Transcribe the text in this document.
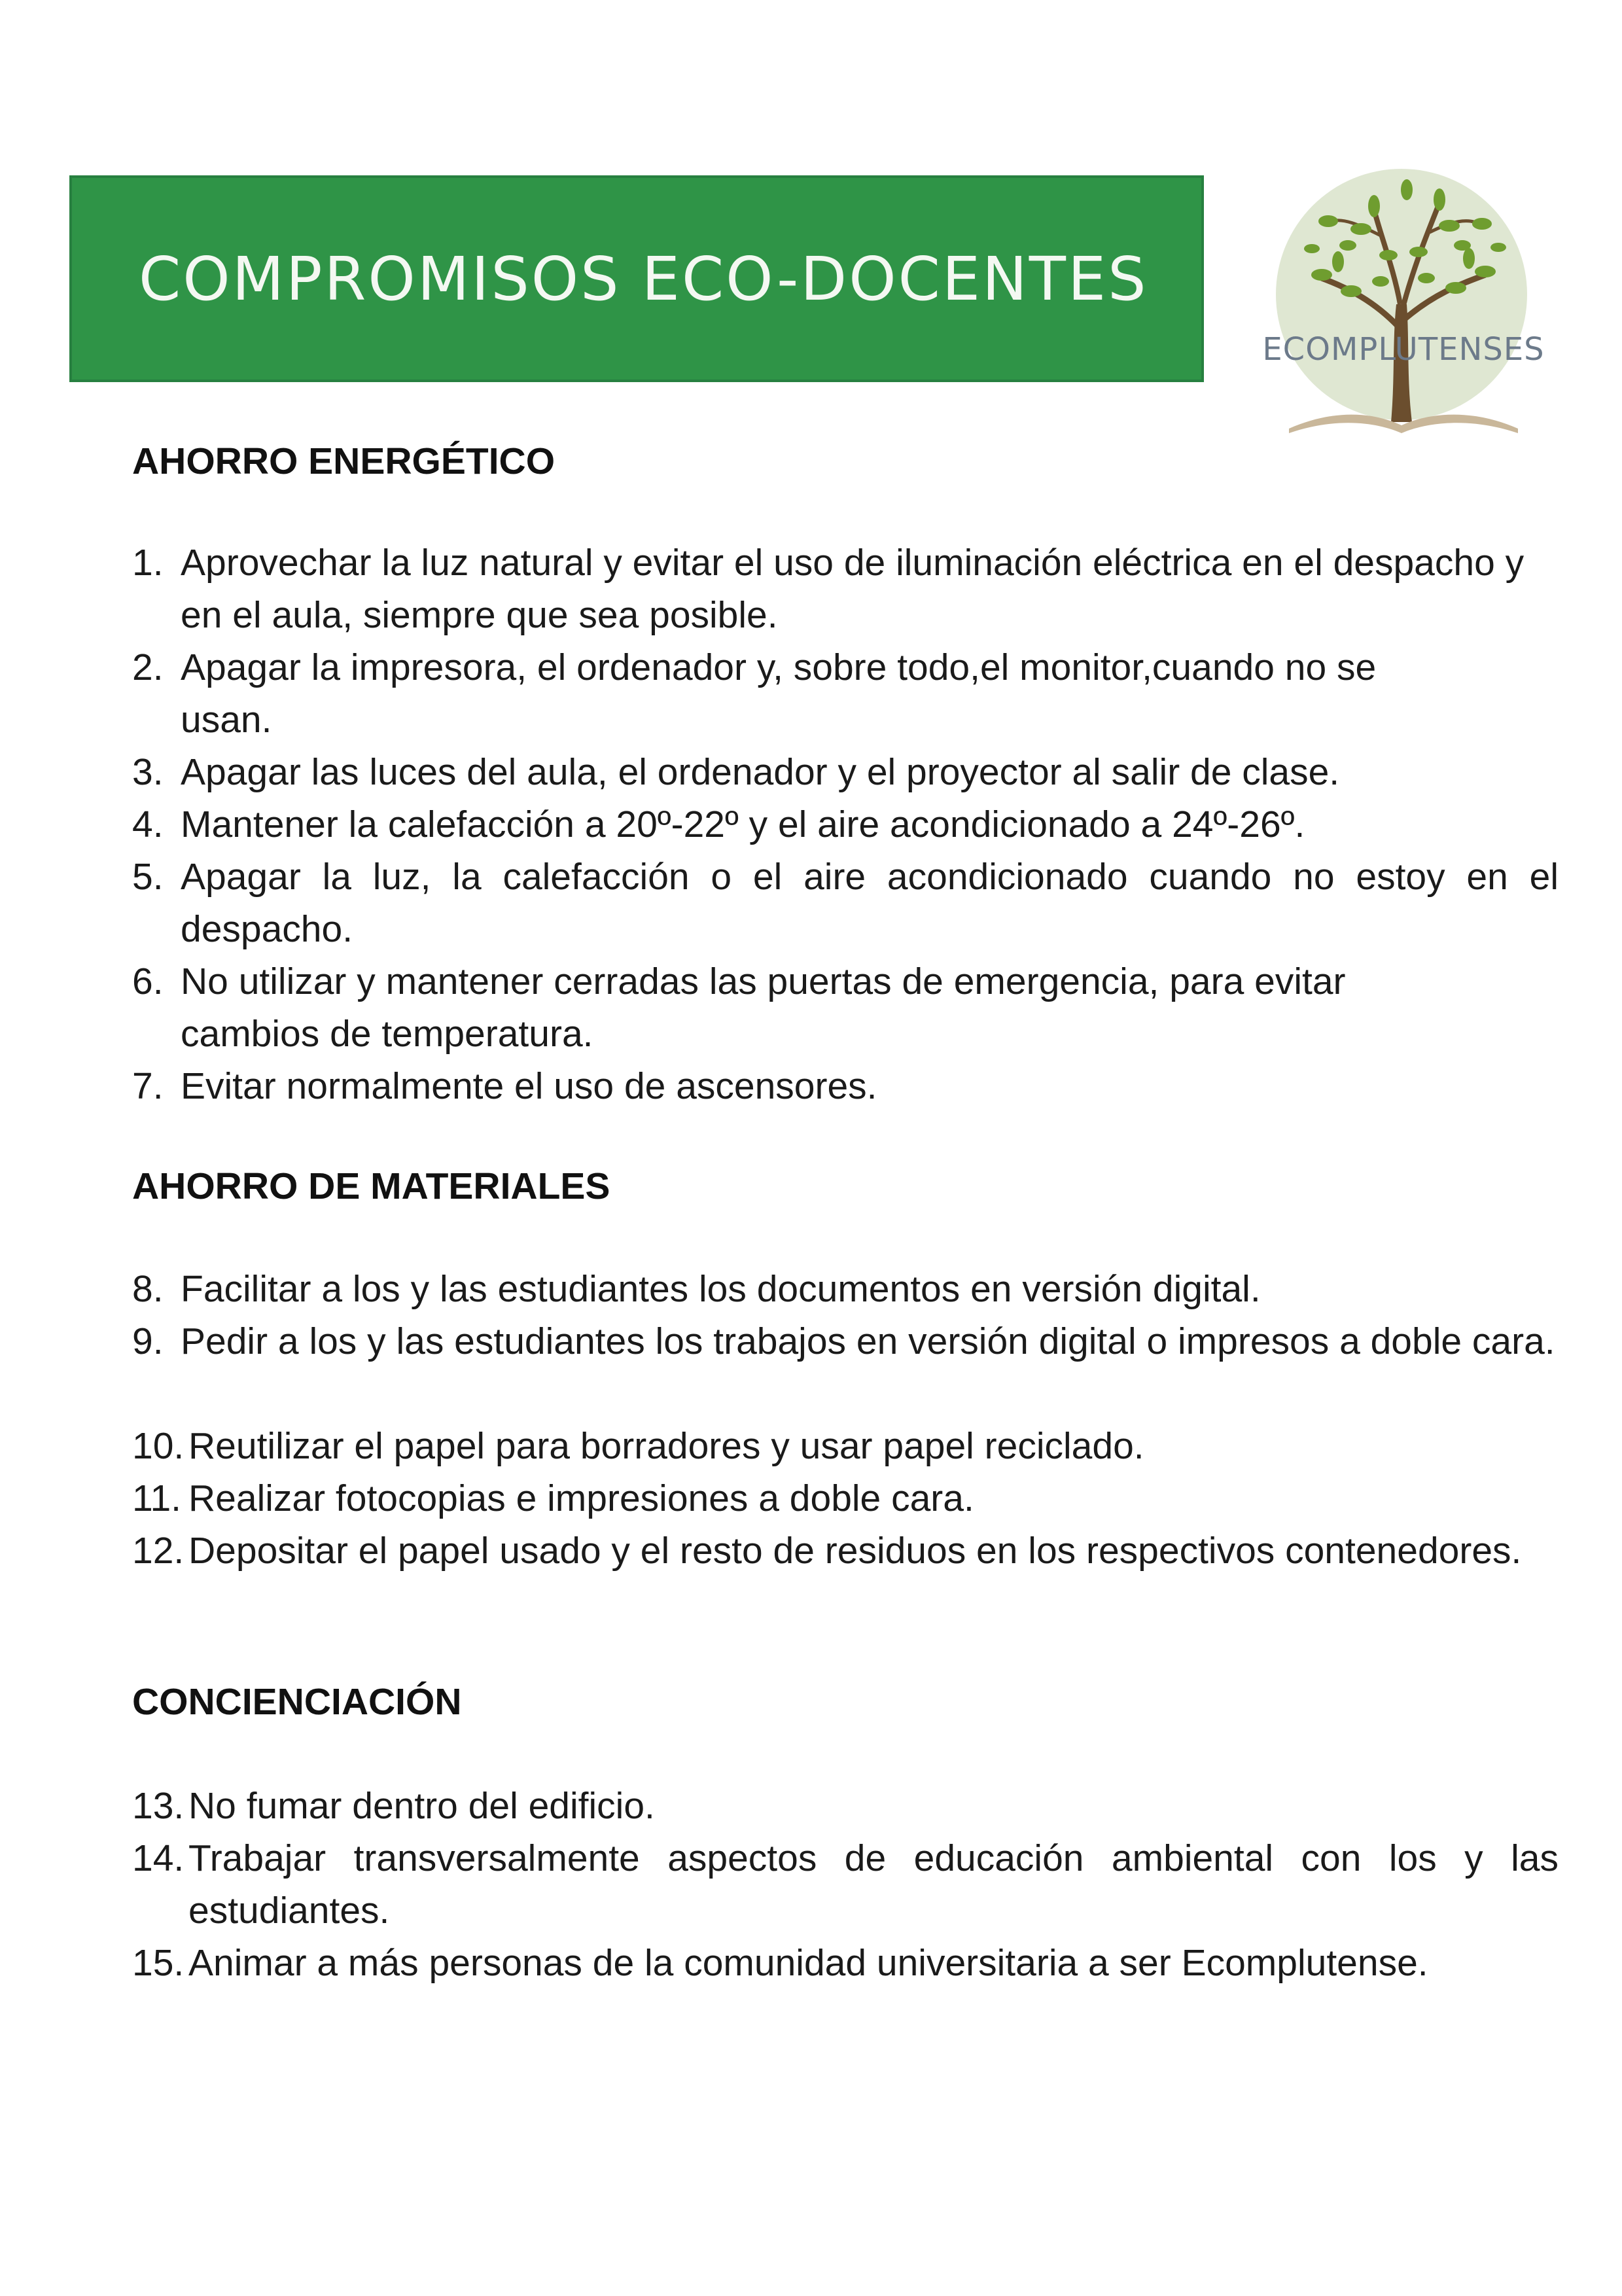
COMPROMISOS ECO-DOCENTES
ECOMPLUTENSES
AHORRO ENERGÉTICO
1. Aprovechar la luz natural y evitar el uso de iluminación eléctrica en el despacho y en el aula, siempre que sea posible.
2. Apagar la impresora, el ordenador y, sobre todo,el monitor,cuando no se usan.
3. Apagar las luces del aula, el ordenador y el proyector al salir de clase.
4. Mantener la calefacción a 20º-22º y el aire acondicionado a 24º-26º.
5. Apagar la luz, la calefacción o el aire acondicionado cuando no estoy en el despacho.
6. No utilizar y mantener cerradas las puertas de emergencia, para evitar cambios de temperatura.
7. Evitar normalmente el uso de ascensores.
AHORRO DE MATERIALES
8. Facilitar a los y las estudiantes los documentos en versión digital.
9. Pedir a los y las estudiantes los trabajos en versión digital o impresos a doble cara.
10. Reutilizar el papel para borradores y usar papel reciclado.
11. Realizar fotocopias e impresiones a doble cara.
12. Depositar el papel usado y el resto de residuos en los respectivos contenedores.
CONCIENCIACIÓN
13. No fumar dentro del edificio.
14. Trabajar transversalmente aspectos de educación ambiental con los y las estudiantes.
15. Animar a más personas de la comunidad universitaria a ser Ecomplutense.
